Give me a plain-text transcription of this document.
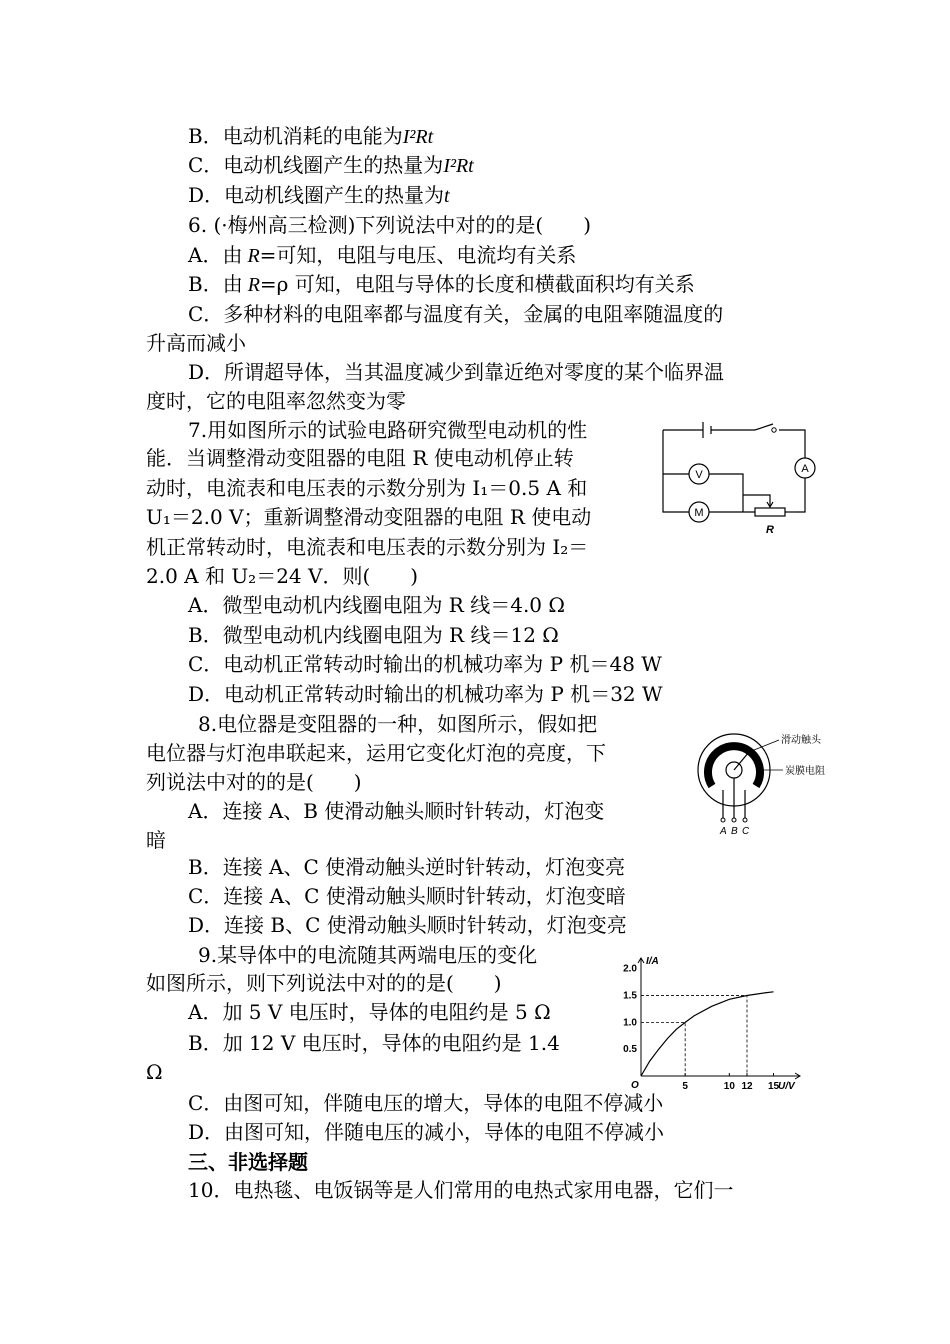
B．电动机消耗的电能为I²Rt
C．电动机线圈产生的热量为I²Rt
D．电动机线圈产生的热量为t
6. (·梅州高三检测)下列说法中对的的是(　　)
A．由 R=可知，电阻与电压、电流均有关系
B．由 R=ρ 可知，电阻与导体的长度和横截面积均有关系
C．多种材料的电阻率都与温度有关，金属的电阻率随温度的
升高而减小
D．所谓超导体，当其温度减少到靠近绝对零度的某个临界温
度时，它的电阻率忽然变为零
7.用如图所示的试验电路研究微型电动机的性
能．当调整滑动变阻器的电阻 R 使电动机停止转
动时，电流表和电压表的示数分别为 I₁＝0.5 A 和
U₁＝2.0 V；重新调整滑动变阻器的电阻 R 使电动
机正常转动时，电流表和电压表的示数分别为 I₂＝
2.0 A 和 U₂＝24 V．则(　　)
A．微型电动机内线圈电阻为 R 线＝4.0 Ω
B．微型电动机内线圈电阻为 R 线＝12 Ω
C．电动机正常转动时输出的机械功率为 P 机＝48 W
D．电动机正常转动时输出的机械功率为 P 机＝32 W
V
M
A
R
8.电位器是变阻器的一种，如图所示，假如把
电位器与灯泡串联起来，运用它变化灯泡的亮度，下
列说法中对的的是(　　)
A．连接 A、B 使滑动触头顺时针转动，灯泡变
暗
B．连接 A、C 使滑动触头逆时针转动，灯泡变亮
C．连接 A、C 使滑动触头顺时针转动，灯泡变暗
D．连接 B、C 使滑动触头顺时针转动，灯泡变亮
滑动触头
炭膜电阻
A B C
9.某导体中的电流随其两端电压的变化
如图所示，则下列说法中对的的是(　　)
A．加 5 V 电压时，导体的电阻约是 5 Ω
B．加 12 V 电压时，导体的电阻约是 1.4
Ω
C．由图可知，伴随电压的增大，导体的电阻不停减小
D．由图可知，伴随电压的减小，导体的电阻不停减小
U/V
I/A
O
0.5
1.0
1.5
2.0
5	10 12 15
三、非选择题
10．电热毯、电饭锅等是人们常用的电热式家用电器，它们一
